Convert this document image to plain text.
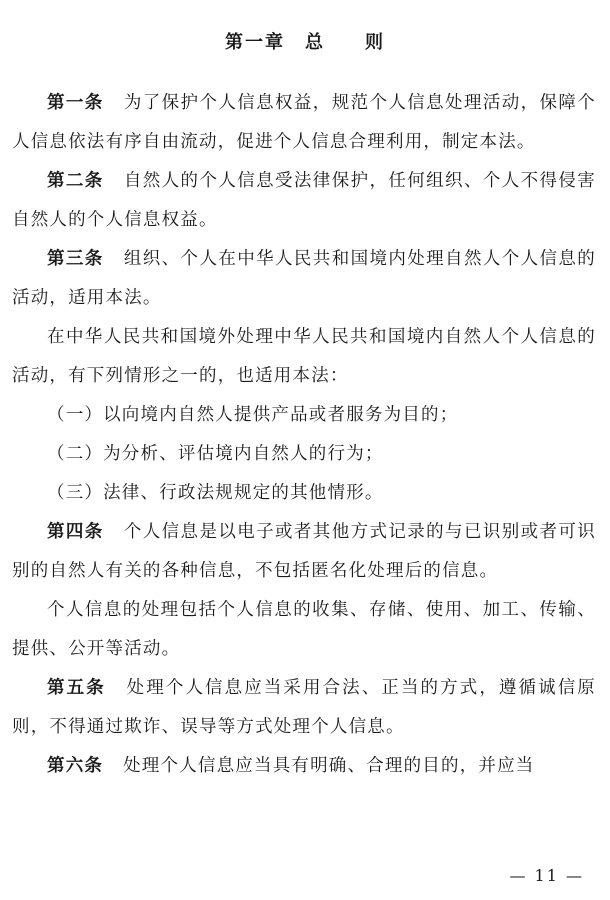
第一章　总　　则

第一条 为了保护个人信息权益，规范个人信息处理活动，保障个人信息依法有序自由流动，促进个人信息合理利用，制定本法。

第二条 自然人的个人信息受法律保护，任何组织、个人不得侵害自然人的个人信息权益。

第三条 组织、个人在中华人民共和国境内处理自然人个人信息的活动，适用本法。

在中华人民共和国境外处理中华人民共和国境内自然人个人信息的活动，有下列情形之一的，也适用本法：

（一）以向境内自然人提供产品或者服务为目的；

（二）为分析、评估境内自然人的行为；

（三）法律、行政法规规定的其他情形。

第四条 个人信息是以电子或者其他方式记录的与已识别或者可识别的自然人有关的各种信息，不包括匿名化处理后的信息。

个人信息的处理包括个人信息的收集、存储、使用、加工、传输、提供、公开等活动。

第五条 处理个人信息应当采用合法、正当的方式，遵循诚信原则，不得通过欺诈、误导等方式处理个人信息。

第六条 处理个人信息应当具有明确、合理的目的，并应当

— 11 —
